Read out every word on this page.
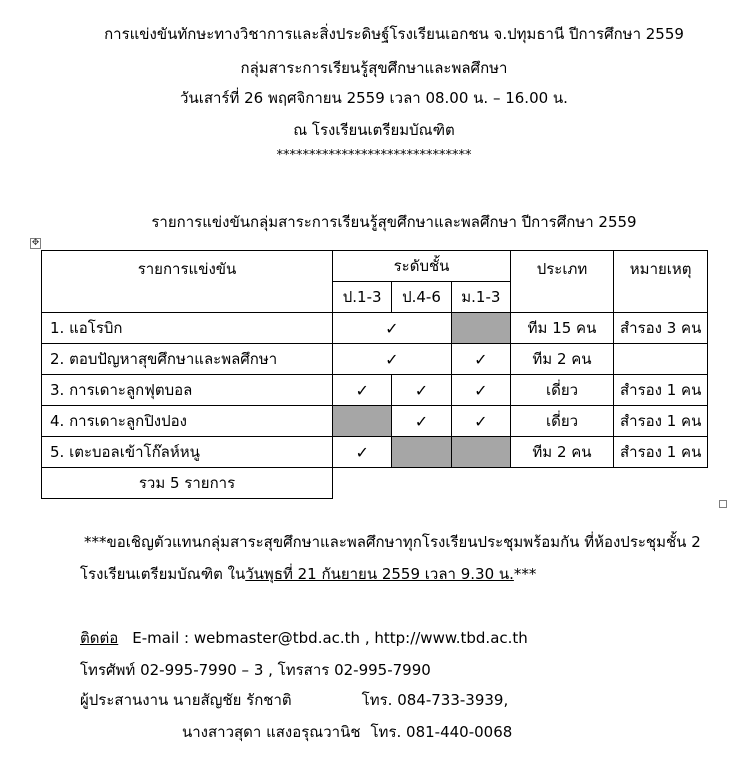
การแข่งขันทักษะทางวิชาการและสิ่งประดิษฐ์โรงเรียนเอกชน จ.ปทุมธานี ปีการศึกษา 2559
กลุ่มสาระการเรียนรู้สุขศึกษาและพลศึกษา
วันเสาร์ที่ 26 พฤศจิกายน 2559 เวลา 08.00 น. – 16.00 น.
ณ โรงเรียนเตรียมบัณฑิต
******************************
รายการแข่งขันกลุ่มสาระการเรียนรู้สุขศึกษาและพลศึกษา ปีการศึกษา 2559
✥
รายการแข่งขัน	ระดับชั้น			ประเภท	หมายเหตุ
	ป.1-3	ป.4-6	ม.1-3		
1. แอโรบิก	✓			ทีม 15 คน	สำรอง 3 คน
2. ตอบปัญหาสุขศึกษาและพลศึกษา	✓		✓	ทีม 2 คน	
3. การเดาะลูกฟุตบอล	✓	✓	✓	เดี่ยว	สำรอง 1 คน
4. การเดาะลูกปิงปอง		✓	✓	เดี่ยว	สำรอง 1 คน
5. เตะบอลเข้าโก๊ลห์หนู	✓			ทีม 2 คน	สำรอง 1 คน
รวม 5 รายการ					
***ขอเชิญตัวแทนกลุ่มสาระสุขศึกษาและพลศึกษาทุกโรงเรียนประชุมพร้อมกัน ที่ห้องประชุมชั้น 2
โรงเรียนเตรียมบัณฑิต ในวันพุธที่ 21 กันยายน 2559 เวลา 9.30 น.***
ติดต่อ E-mail : webmaster@tbd.ac.th , http://www.tbd.ac.th
โทรศัพท์ 02-995-7990 – 3 , โทรสาร 02-995-7990
ผู้ประสานงาน นายสัญชัย รักชาติ	โทร. 084-733-3939,
นางสาวสุดา แสงอรุณวานิช โทร. 081-440-0068
